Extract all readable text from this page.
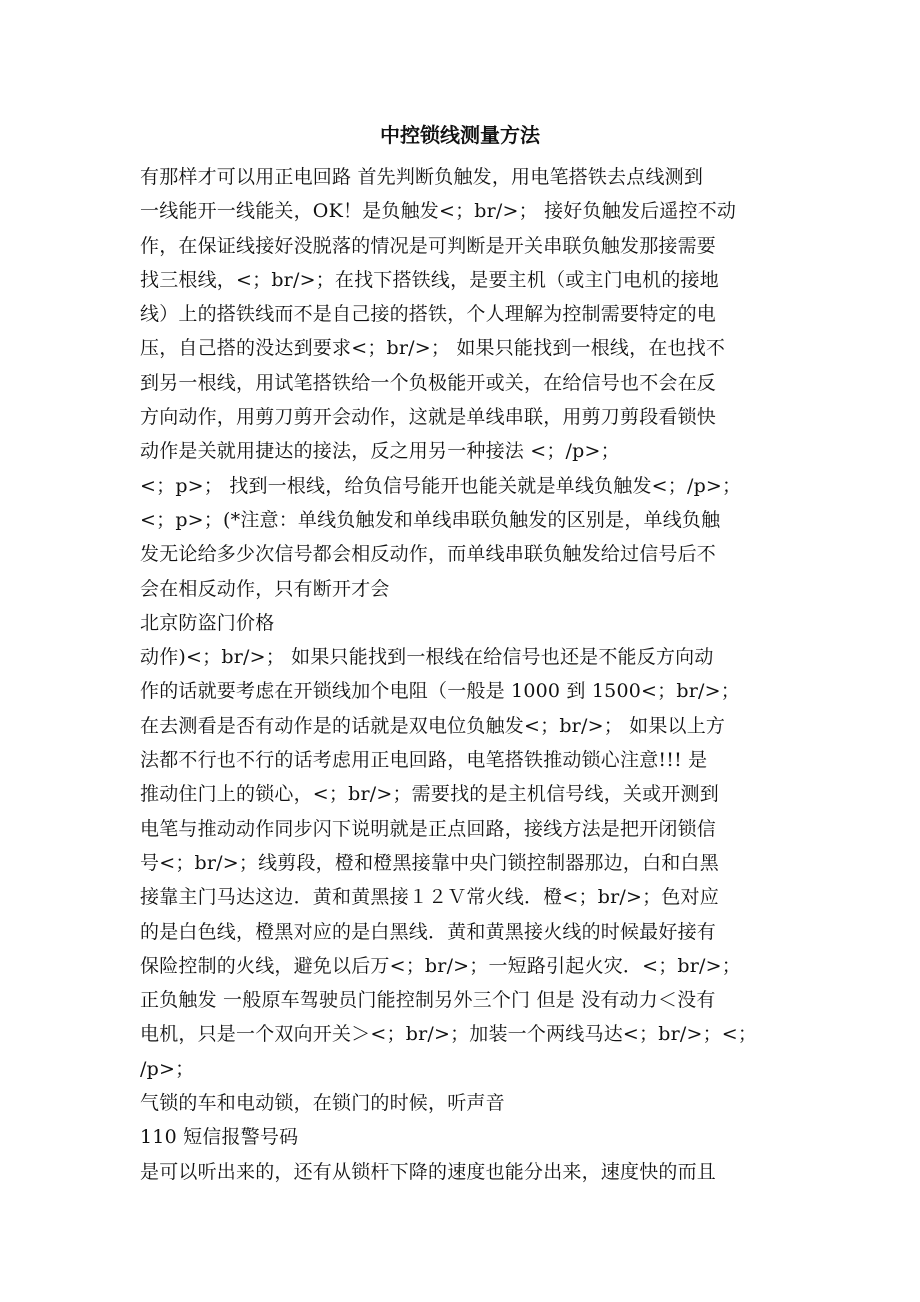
中控锁线测量方法
有那样才可以用正电回路 首先判断负触发，用电笔搭铁去点线测到
一线能开一线能关，OK！是负触发<；br/>； 接好负触发后遥控不动
作，在保证线接好没脱落的情况是可判断是开关串联负触发那接需要
找三根线，<；br/>；在找下搭铁线，是要主机（或主门电机的接地
线）上的搭铁线而不是自己接的搭铁，个人理解为控制需要特定的电
压，自己搭的没达到要求<；br/>； 如果只能找到一根线，在也找不
到另一根线，用试笔搭铁给一个负极能开或关，在给信号也不会在反
方向动作，用剪刀剪开会动作，这就是单线串联，用剪刀剪段看锁快
动作是关就用捷达的接法，反之用另一种接法 <；/p>；
<；p>； 找到一根线，给负信号能开也能关就是单线负触发<；/p>；
<；p>；(*注意：单线负触发和单线串联负触发的区别是，单线负触
发无论给多少次信号都会相反动作，而单线串联负触发给过信号后不
会在相反动作，只有断开才会
北京防盗门价格
动作)<；br/>； 如果只能找到一根线在给信号也还是不能反方向动
作的话就要考虑在开锁线加个电阻（一般是 1000 到 1500<；br/>；
在去测看是否有动作是的话就是双电位负触发<；br/>； 如果以上方
法都不行也不行的话考虑用正电回路，电笔搭铁推动锁心注意!!! 是
推动住门上的锁心，<；br/>；需要找的是主机信号线，关或开测到
电笔与推动动作同步闪下说明就是正点回路，接线方法是把开闭锁信
号<；br/>；线剪段，橙和橙黑接靠中央门锁控制器那边，白和白黑
接靠主门马达这边．黄和黄黑接１２Ｖ常火线．橙<；br/>；色对应
的是白色线，橙黑对应的是白黑线．黄和黄黑接火线的时候最好接有
保险控制的火线，避免以后万<；br/>；一短路引起火灾．<；br/>；
正负触发 一般原车驾驶员门能控制另外三个门 但是 没有动力＜没有
电机，只是一个双向开关＞<；br/>；加装一个两线马达<；br/>；<；
/p>；
气锁的车和电动锁，在锁门的时候，听声音
110 短信报警号码
是可以听出来的，还有从锁杆下降的速度也能分出来，速度快的而且
